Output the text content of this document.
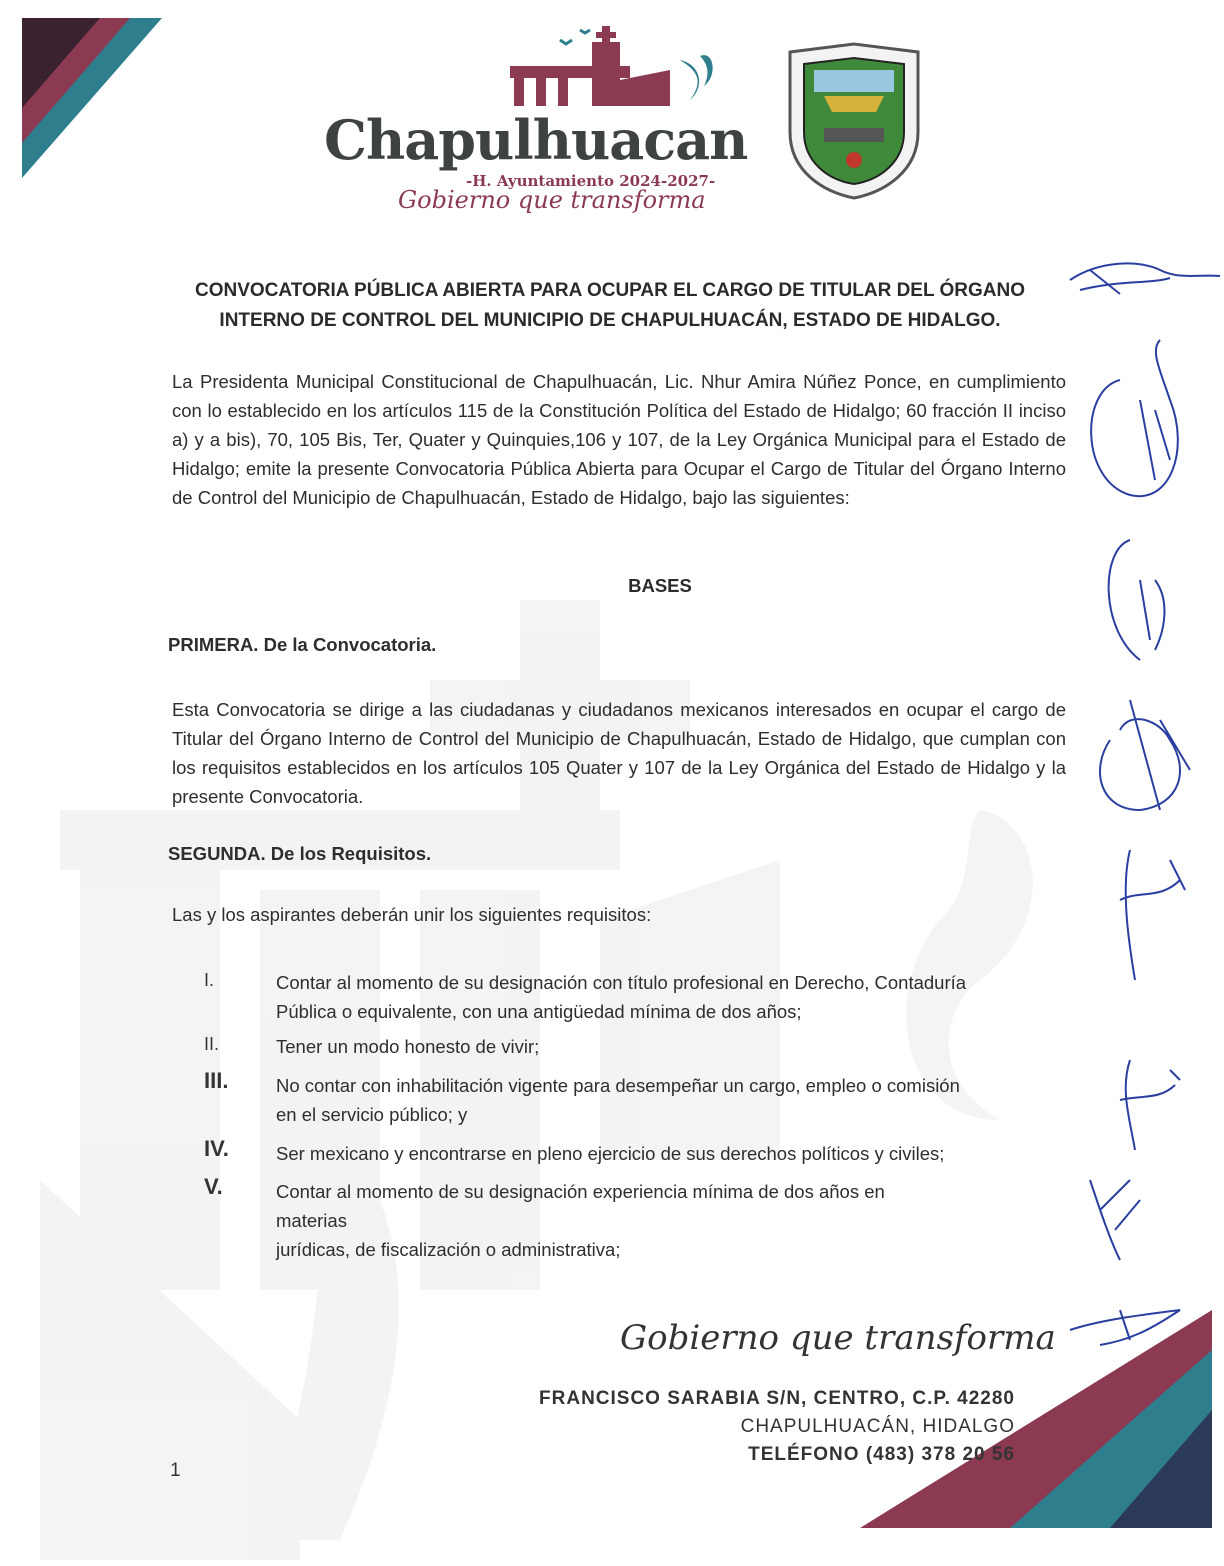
Chapulhuacan
-H. Ayuntamiento 2024-2027-
Gobierno que transforma
CONVOCATORIA PÚBLICA ABIERTA PARA OCUPAR EL CARGO DE TITULAR DEL ÓRGANO
INTERNO DE CONTROL DEL MUNICIPIO DE CHAPULHUACÁN, ESTADO DE HIDALGO.
La Presidenta Municipal Constitucional de Chapulhuacán, Lic. Nhur Amira Núñez Ponce, en cumplimiento con lo establecido en los artículos 115 de la Constitución Política del Estado de Hidalgo; 60 fracción II inciso a) y a bis), 70, 105 Bis, Ter, Quater y Quinquies,106 y 107, de la Ley Orgánica Municipal para el Estado de Hidalgo; emite la presente Convocatoria Pública Abierta para Ocupar el Cargo de Titular del Órgano Interno de Control del Municipio de Chapulhuacán, Estado de Hidalgo, bajo las siguientes:
BASES
PRIMERA. De la Convocatoria.
Esta Convocatoria se dirige a las ciudadanas y ciudadanos mexicanos interesados en ocupar el cargo de Titular del Órgano Interno de Control del Municipio de Chapulhuacán, Estado de Hidalgo, que cumplan con los requisitos establecidos en los artículos 105 Quater y 107 de la Ley Orgánica del Estado de Hidalgo y la presente Convocatoria.
SEGUNDA. De los Requisitos.
Las y los aspirantes deberán unir los siguientes requisitos:
I.	Contar al momento de su designación con título profesional en Derecho, Contaduría
Pública o equivalente, con una antigüedad mínima de dos años;
II.	Tener un modo honesto de vivir;
III.	No contar con inhabilitación vigente para desempeñar un cargo, empleo o comisión
en el servicio público; y
IV.	Ser mexicano y encontrarse en pleno ejercicio de sus derechos políticos y civiles;
V.	Contar al momento de su designación experiencia mínima de dos años en
materias
jurídicas, de fiscalización o administrativa;
Gobierno que transforma
FRANCISCO SARABIA S/N, CENTRO, C.P. 42280
CHAPULHUACÁN, HIDALGO
TELÉFONO (483) 378 20 56
1
